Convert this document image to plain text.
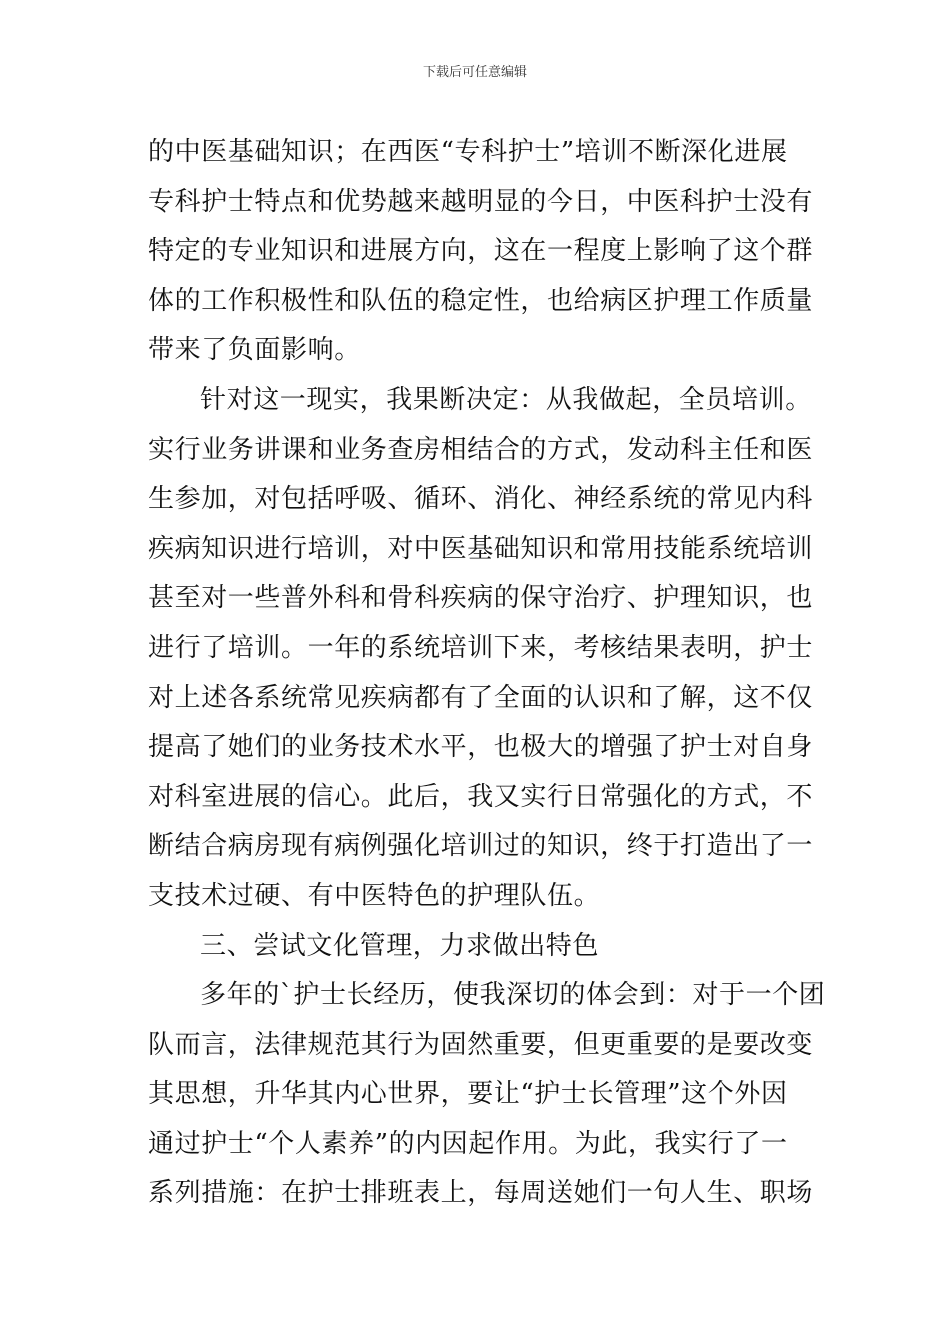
下载后可任意编辑
的中医基础知识；在西医“专科护士”培训不断深化进展
专科护士特点和优势越来越明显的今日，中医科护士没有
特定的专业知识和进展方向，这在一程度上影响了这个群
体的工作积极性和队伍的稳定性，也给病区护理工作质量
带来了负面影响。
针对这一现实，我果断决定：从我做起，全员培训。
实行业务讲课和业务查房相结合的方式，发动科主任和医
生参加，对包括呼吸、循环、消化、神经系统的常见内科
疾病知识进行培训，对中医基础知识和常用技能系统培训
甚至对一些普外科和骨科疾病的保守治疗、护理知识，也
进行了培训。一年的系统培训下来，考核结果表明，护士
对上述各系统常见疾病都有了全面的认识和了解，这不仅
提高了她们的业务技术水平，也极大的增强了护士对自身
对科室进展的信心。此后，我又实行日常强化的方式，不
断结合病房现有病例强化培训过的知识，终于打造出了一
支技术过硬、有中医特色的护理队伍。
三、尝试文化管理，力求做出特色
多年的`护士长经历，使我深切的体会到：对于一个团
队而言，法律规范其行为固然重要，但更重要的是要改变
其思想，升华其内心世界，要让“护士长管理”这个外因
通过护士“个人素养”的内因起作用。为此，我实行了一
系列措施：在护士排班表上，每周送她们一句人生、职场
